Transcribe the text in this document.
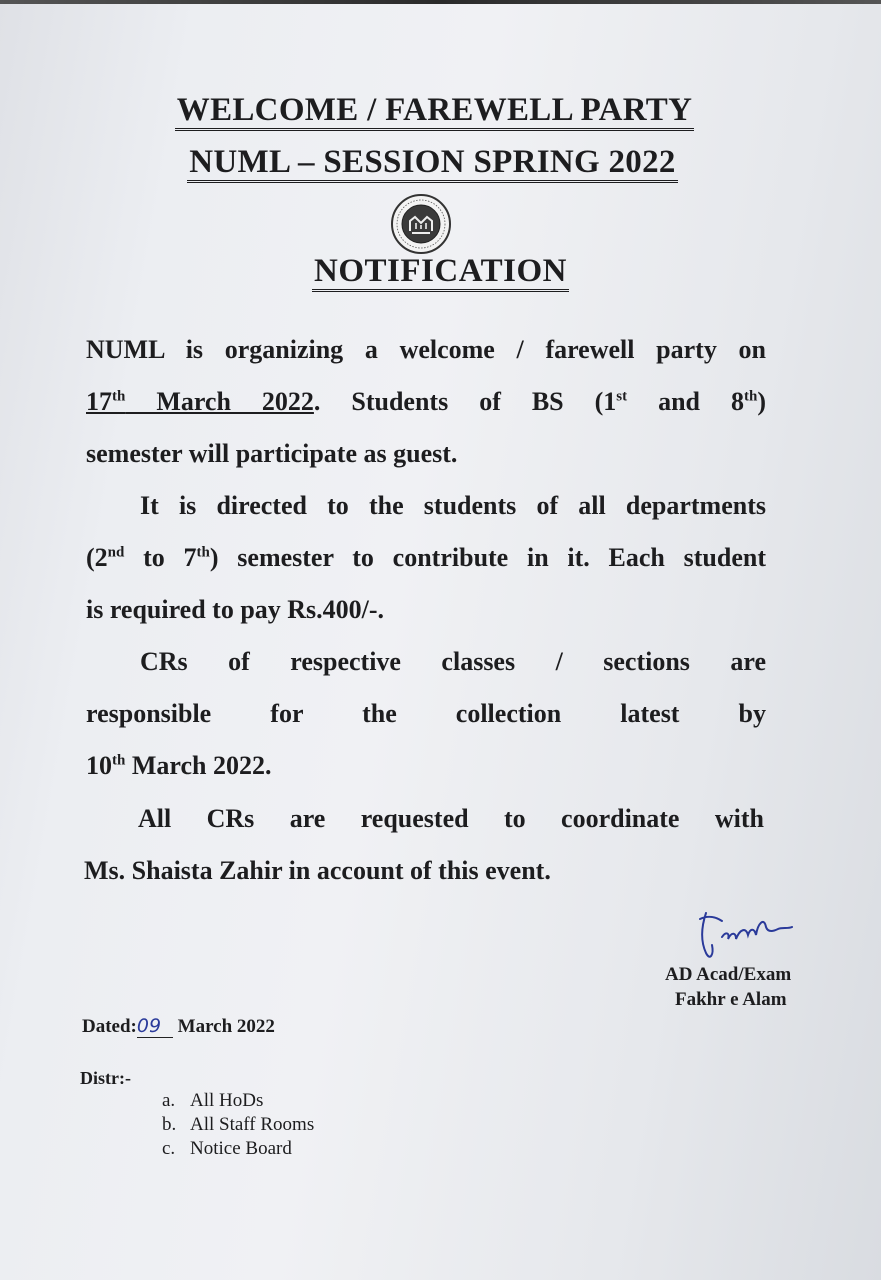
WELCOME / FAREWELL PARTY
NUML – SESSION SPRING 2022
NOTIFICATION
NUML is organizing a welcome / farewell party on
17th March 2022. Students of BS (1st and 8th)
semester will participate as guest.
It is directed to the students of all departments
(2nd to 7th) semester to contribute in it. Each student
is required to pay Rs.400/-.
CRs of respective classes / sections are
responsible for the collection latest by
10th March 2022.
All CRs are requested to coordinate with
Ms. Shaista Zahir in account of this event.
AD Acad/Exam
Fakhr e Alam
Dated:09 March 2022
Distr:-
a. All HoDs
b. All Staff Rooms
c. Notice Board
